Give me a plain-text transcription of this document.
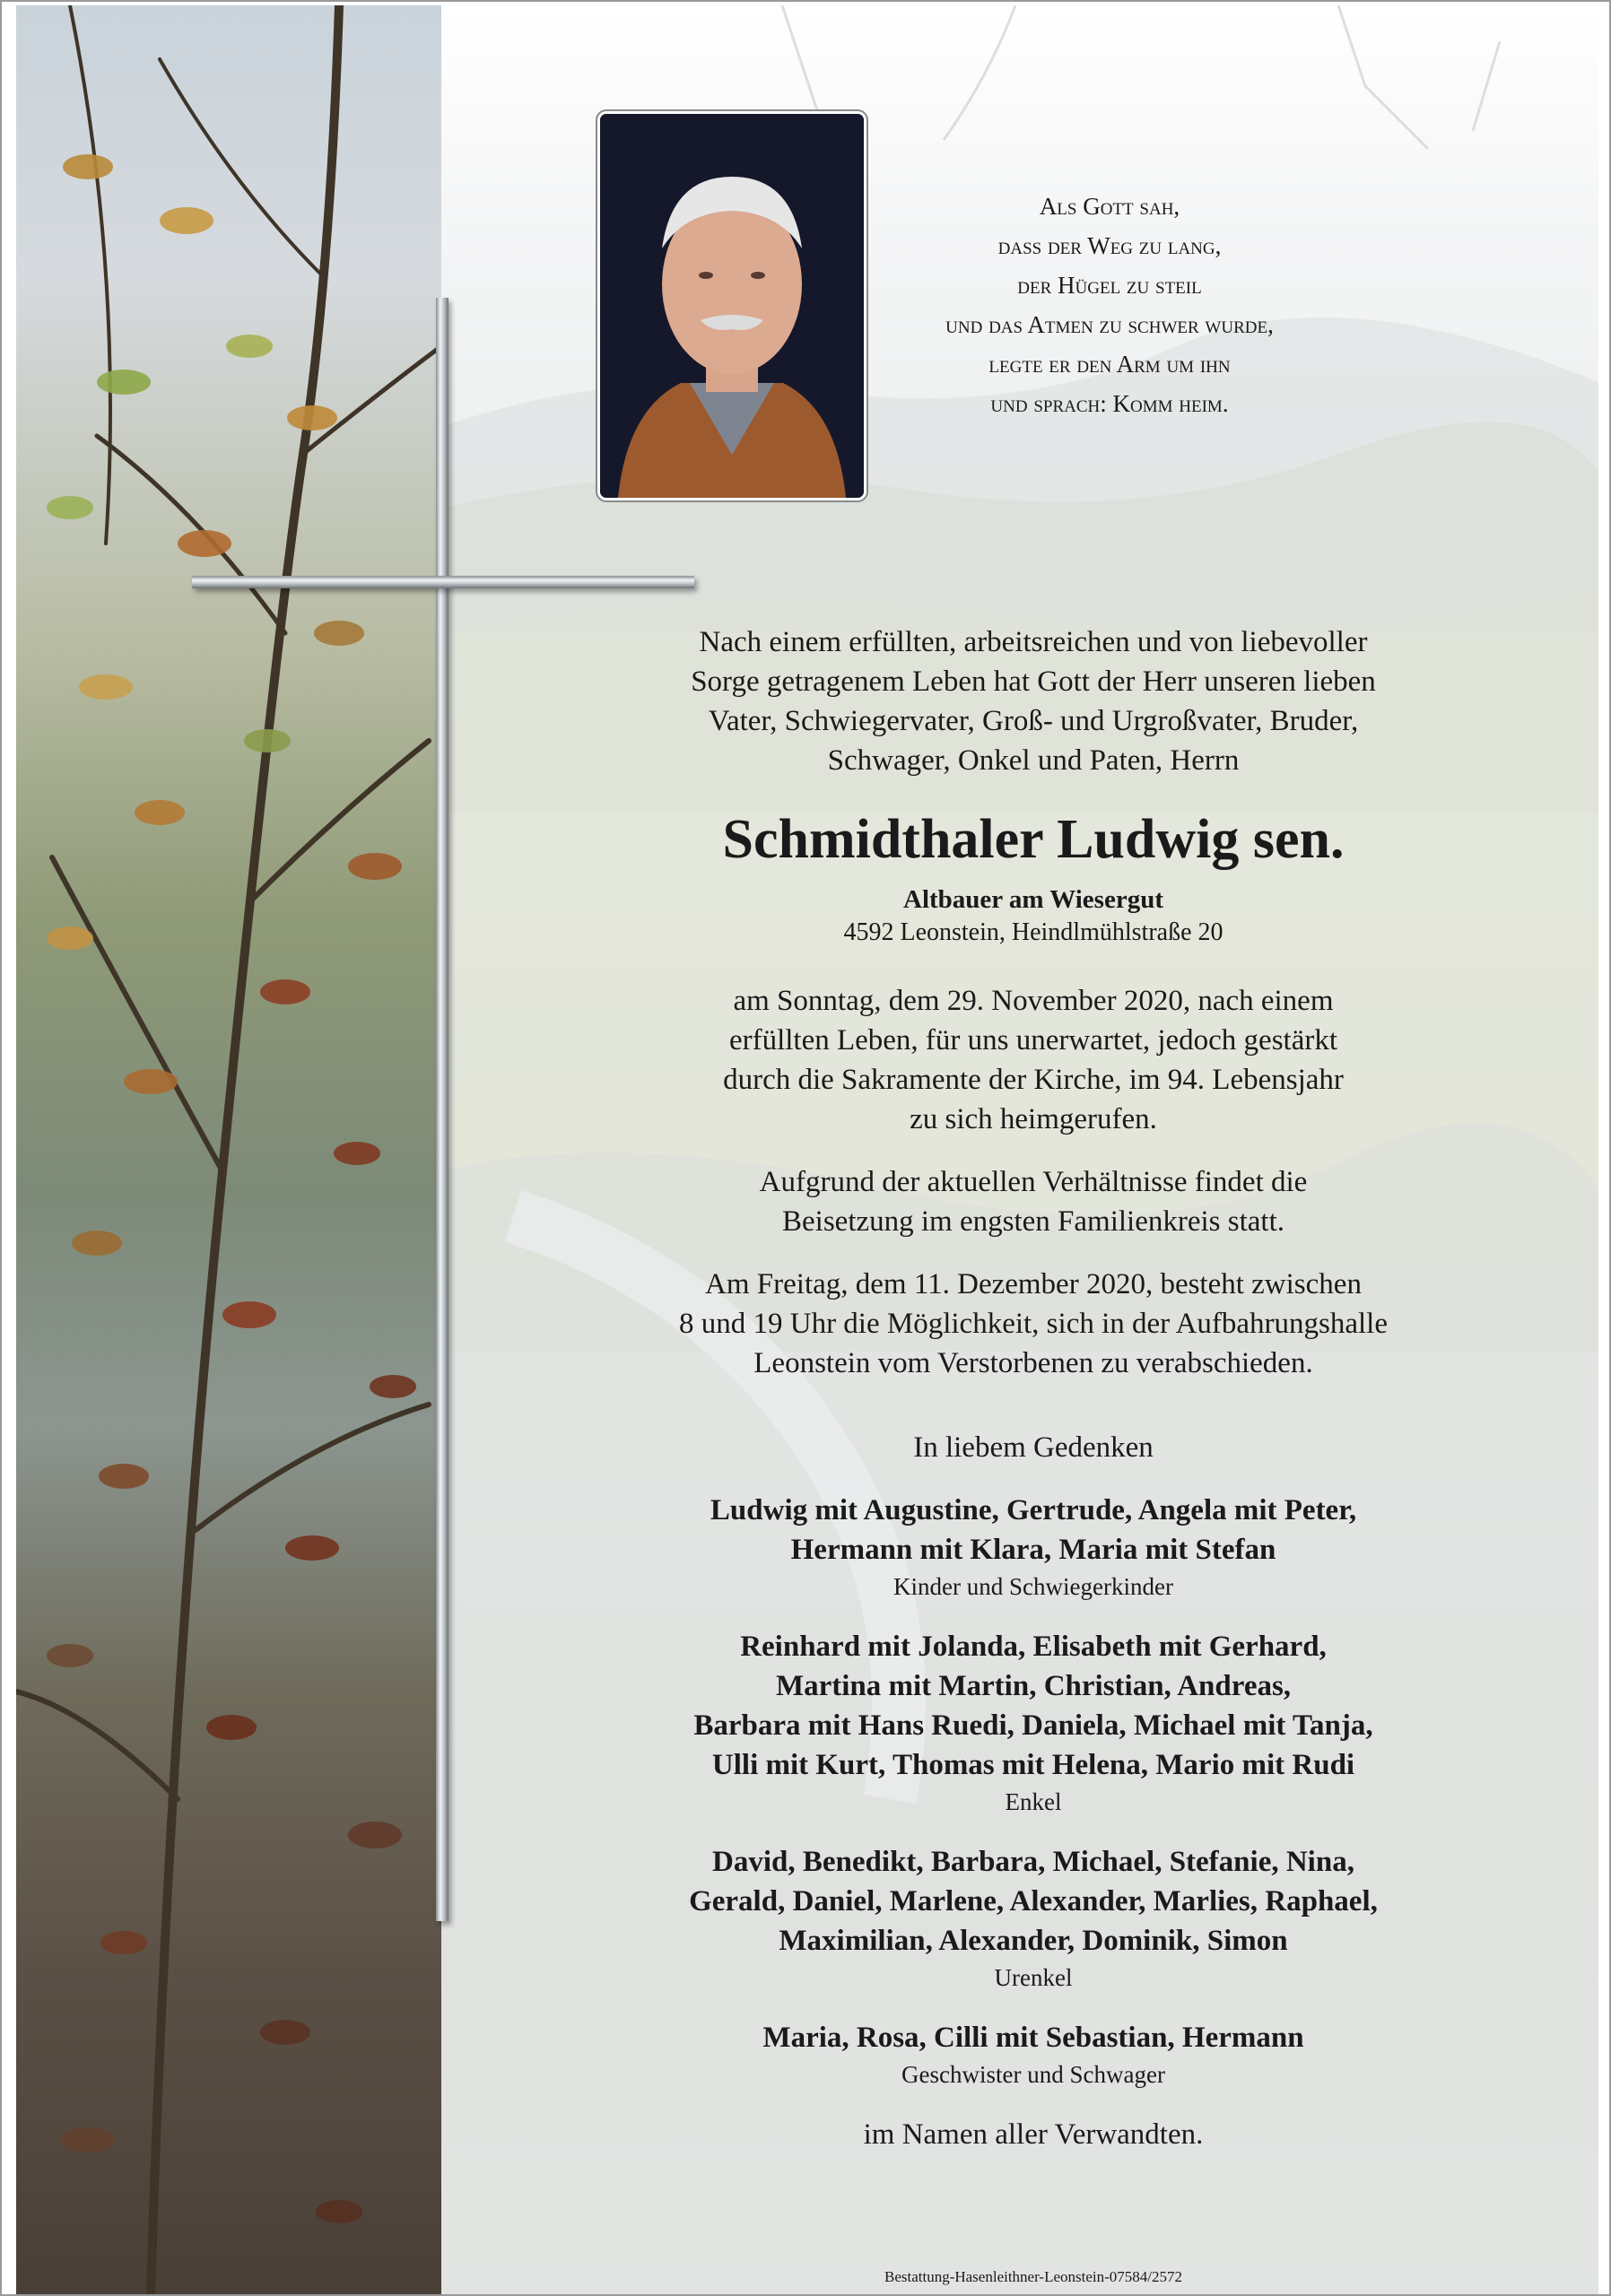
Als Gott sah,
dass der Weg zu lang,
der Hügel zu steil
und das Atmen zu schwer wurde,
legte er den Arm um ihn
und sprach: Komm heim.
Nach einem erfüllten, arbeitsreichen und von liebevoller
Sorge getragenem Leben hat Gott der Herr unseren lieben
Vater, Schwiegervater, Groß- und Urgroßvater, Bruder,
Schwager, Onkel und Paten, Herrn
Schmidthaler Ludwig sen.
Altbauer am Wiesergut
4592 Leonstein, Heindlmühlstraße 20
am Sonntag, dem 29. November 2020, nach einem
erfüllten Leben, für uns unerwartet, jedoch gestärkt
durch die Sakramente der Kirche, im 94. Lebensjahr
zu sich heimgerufen.
Aufgrund der aktuellen Verhältnisse findet die
Beisetzung im engsten Familienkreis statt.
Am Freitag, dem 11. Dezember 2020, besteht zwischen
8 und 19 Uhr die Möglichkeit, sich in der Aufbahrungshalle
Leonstein vom Verstorbenen zu verabschieden.
In liebem Gedenken
Ludwig mit Augustine, Gertrude, Angela mit Peter,
Hermann mit Klara, Maria mit Stefan
Kinder und Schwiegerkinder
Reinhard mit Jolanda, Elisabeth mit Gerhard,
Martina mit Martin, Christian, Andreas,
Barbara mit Hans Ruedi, Daniela, Michael mit Tanja,
Ulli mit Kurt, Thomas mit Helena, Mario mit Rudi
Enkel
David, Benedikt, Barbara, Michael, Stefanie, Nina,
Gerald, Daniel, Marlene, Alexander, Marlies, Raphael,
Maximilian, Alexander, Dominik, Simon
Urenkel
Maria, Rosa, Cilli mit Sebastian, Hermann
Geschwister und Schwager
im Namen aller Verwandten.
Bestattung-Hasenleithner-Leonstein-07584/2572
